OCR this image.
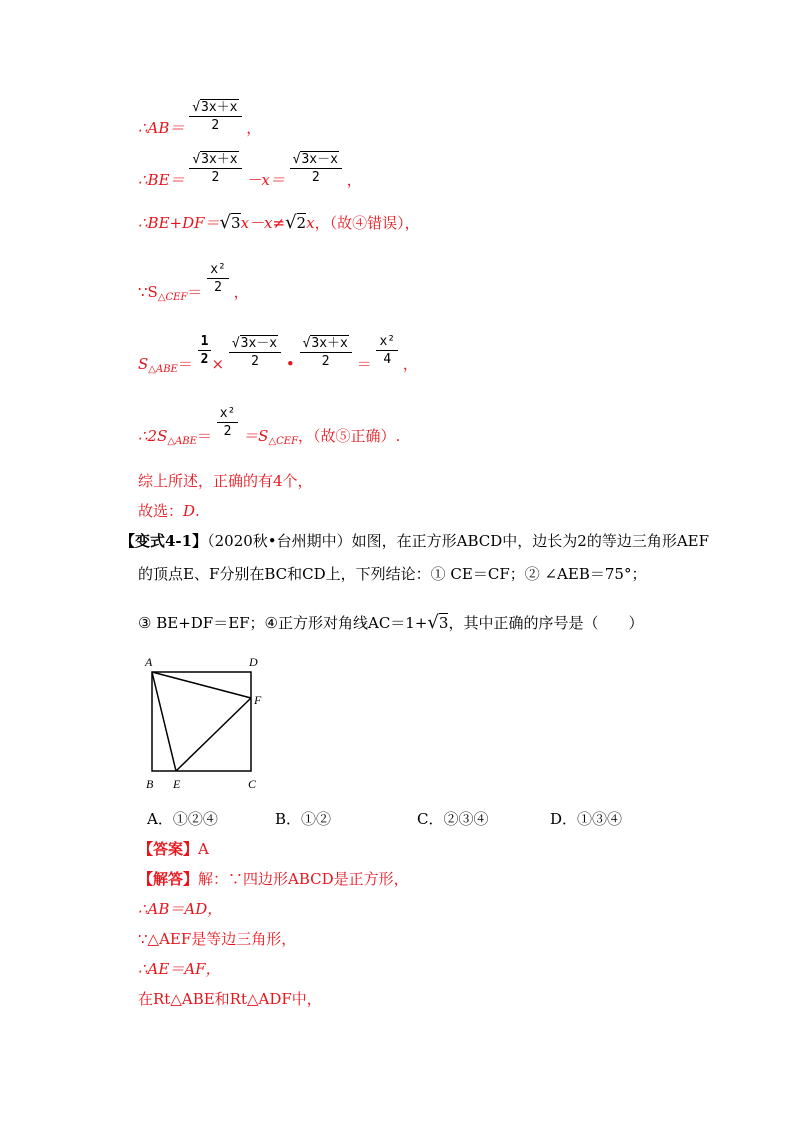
∴AB＝ $\frac{√3x+x}{2}$ ，
∴BE＝ $\frac{√3x+x}{2} -x= \frac{√3x-x}{2}$ ，
∴BE+DF＝√3x－x≠√2x，（故④错误），
$\because S_{\triangle CEF}= \frac{\text{x²}}{2}$ ，
$S_{\triangle ABE}= \frac{1}{2} \times \frac{√3x-x}{2}$ • $\frac{√3x+x}{2} = \frac{\text{x²}}{4}$ ，
$\therefore 2S_{\triangle ABE}= \frac{\text{x²}}{2} =S_{\triangle CEF}$，（故⑤正确）.
综上所述，正确的有4个，
故选：D.
【变式4-1】（2020秋•台州期中）如图，在正方形ABCD中，边长为2的等边三角形AEF
的顶点E、F分别在BC和CD上，下列结论：① CE＝CF；② ∠AEB＝75°；
③ BE+DF＝EF；④正方形对角线AC＝1+√3，其中正确的序号是（　　）
A	D
F
B E	C
A．①②④	B．①②	C．②③④	D．①③④
【答案】A
【解答】解：∵四边形ABCD是正方形，
∴AB＝AD，
∵△AEF是等边三角形，
∴AE＝AF，
在Rt△ABE和Rt△ADF中，
